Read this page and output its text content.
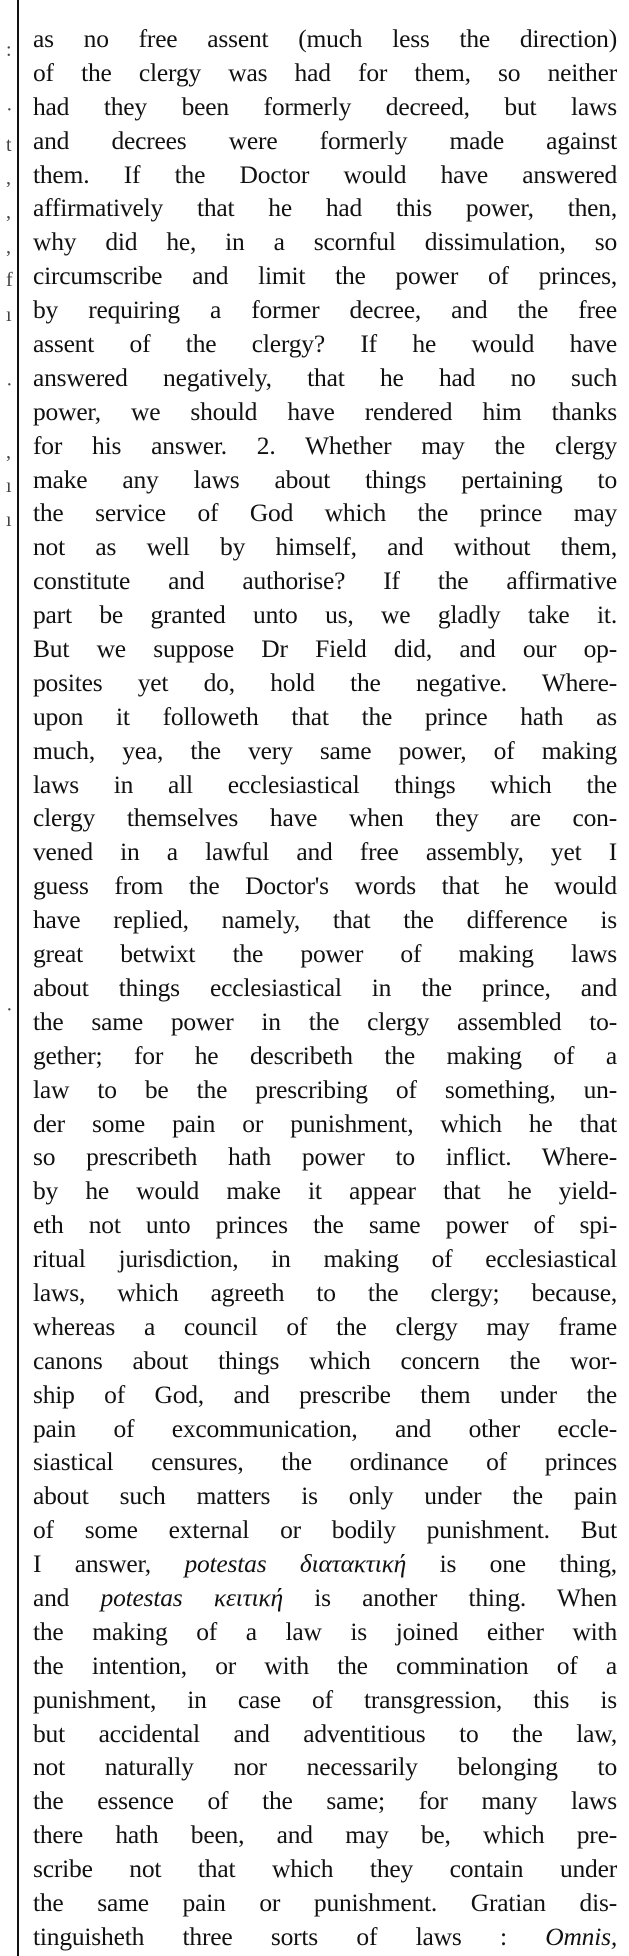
:
·
t
,
,
,
f
ı
·
,
ı
ı
·
as no free assent (much less the direction)
of the clergy was had for them, so neither
had they been formerly decreed, but laws
and decrees were formerly made against
them. If the Doctor would have answered
affirmatively that he had this power, then,
why did he, in a scornful dissimulation, so
circumscribe and limit the power of princes,
by requiring a former decree, and the free
assent of the clergy? If he would have
answered negatively, that he had no such
power, we should have rendered him thanks
for his answer. 2. Whether may the clergy
make any laws about things pertaining to
the service of God which the prince may
not as well by himself, and without them,
constitute and authorise? If the affirmative
part be granted unto us, we gladly take it.
But we suppose Dr Field did, and our op-
posites yet do, hold the negative. Where-
upon it followeth that the prince hath as
much, yea, the very same power, of making
laws in all ecclesiastical things which the
clergy themselves have when they are con-
vened in a lawful and free assembly, yet I
guess from the Doctor's words that he would
have replied, namely, that the difference is
great betwixt the power of making laws
about things ecclesiastical in the prince, and
the same power in the clergy assembled to-
gether; for he describeth the making of a
law to be the prescribing of something, un-
der some pain or punishment, which he that
so prescribeth hath power to inflict. Where-
by he would make it appear that he yield-
eth not unto princes the same power of spi-
ritual jurisdiction, in making of ecclesiastical
laws, which agreeth to the clergy; because,
whereas a council of the clergy may frame
canons about things which concern the wor-
ship of God, and prescribe them under the
pain of excommunication, and other eccle-
siastical censures, the ordinance of princes
about such matters is only under the pain
of some external or bodily punishment. But
I answer, potestas διατακτική is one thing,
and potestas κειτική is another thing. When
the making of a law is joined either with
the intention, or with the commination of a
punishment, in case of transgression, this is
but accidental and adventitious to the law,
not naturally nor necessarily belonging to
the essence of the same; for many laws
there hath been, and may be, which pre-
scribe not that which they contain under
the same pain or punishment. Gratian dis-
tinguisheth three sorts of laws : Omnis,
